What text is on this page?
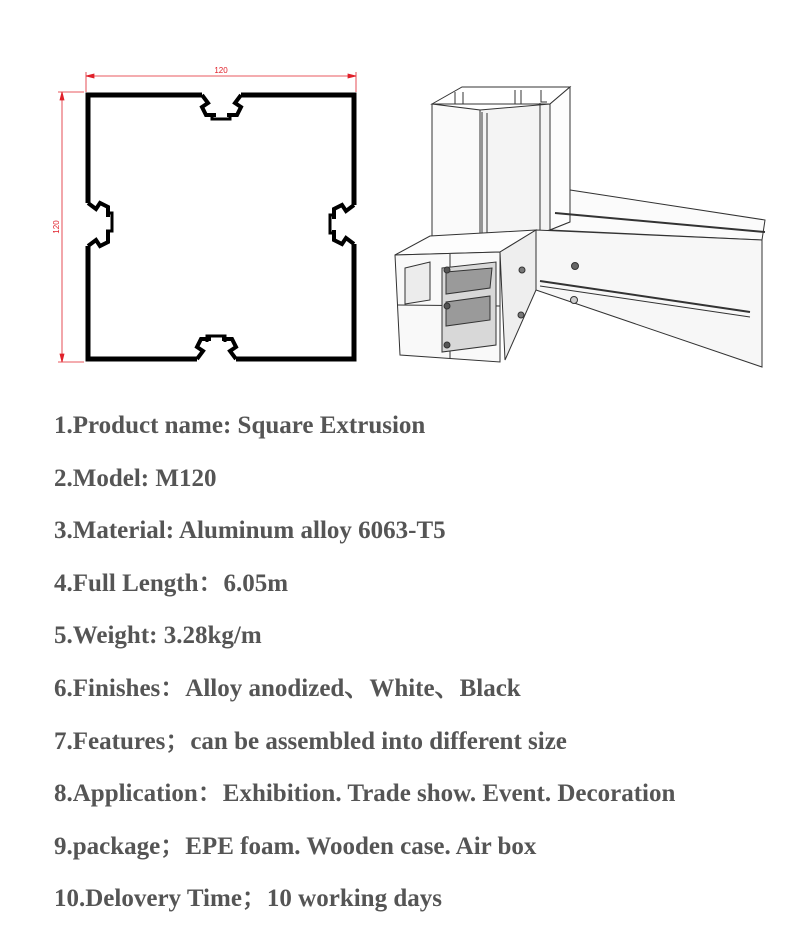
120
120
1.Product name: Square Extrusion
2.Model: M120
3.Material: Aluminum alloy 6063-T5
4.Full Length：6.05m
5.Weight: 3.28kg/m
6.Finishes：Alloy anodized、White、Black
7.Features；can be assembled into different size
8.Application：Exhibition. Trade show. Event. Decoration
9.package；EPE foam. Wooden case. Air box
10.Delovery Time；10 working days
